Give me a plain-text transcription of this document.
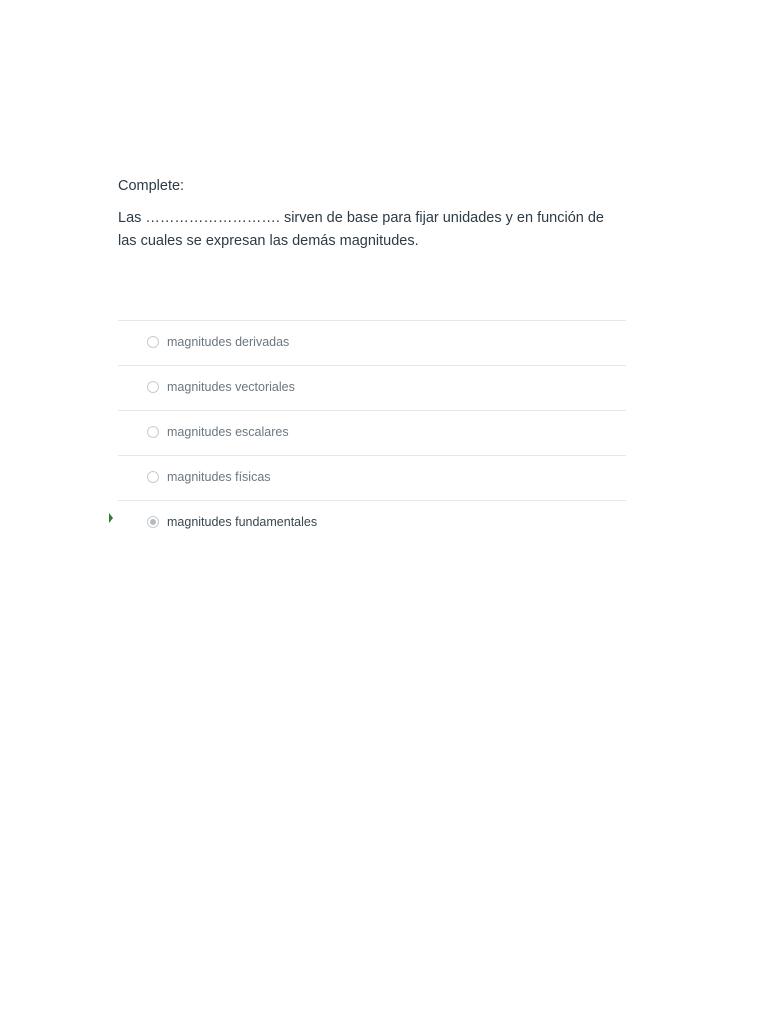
Complete:

Las ………………………. sirven de base para fijar unidades y en función de las cuales se expresan las demás magnitudes.

magnitudes derivadas
magnitudes vectoriales
magnitudes escalares
magnitudes físicas
magnitudes fundamentales
